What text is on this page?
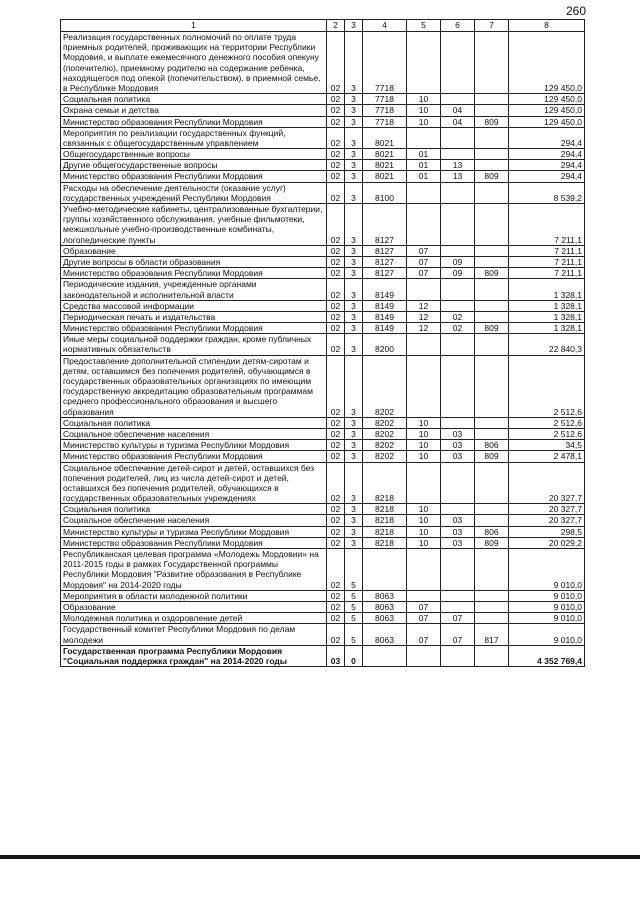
260
1	2	3	4	5	6	7	8
Реализация государственных полномочий по оплате труда приемных родителей, проживающих на территории Республики Мордовия, и выплате ежемесячного денежного пособия опекуну (попечителю), приемному родителю на содержание ребенка, находящегося под опекой (попечительством), в приемной семье, в Республике Мордовия	02	3	7718				129 450,0
Социальная политика	02	3	7718	10			129 450,0
Охрана семьи и детства	02	3	7718	10	04		129 450,0
Министерство образования Республики Мордовия	02	3	7718	10	04	809	129 450,0
Мероприятия по реализации государственных функций, связанных с общегосударственным управлением	02	3	8021				294,4
Общегосударственные вопросы	02	3	8021	01			294,4
Другие общегосударственные вопросы	02	3	8021	01	13		294,4
Министерство образования Республики Мордовия	02	3	8021	01	13	809	294,4
Расходы на обеспечение деятельности (оказание услуг) государственных учреждений Республики Мордовия	02	3	8100				8 539,2
Учебно-методические кабинеты, централизованные бухгалтерии, группы хозяйственного обслуживания, учебные фильмотеки, межшкольные учебно-производственные комбинаты, логопедические пункты	02	3	8127				7 211,1
Образование	02	3	8127	07			7 211,1
Другие вопросы в области образования	02	3	8127	07	09		7 211,1
Министерство образования Республики Мордовия	02	3	8127	07	09	809	7 211,1
Периодические издания, учрежденные органами законодательной и исполнительной власти	02	3	8149				1 328,1
Средства массовой информации	02	3	8149	12			1 328,1
Периодическая печать и издательства	02	3	8149	12	02		1 328,1
Министерство образования Республики Мордовия	02	3	8149	12	02	809	1 328,1
Иные меры социальной поддержки граждан, кроме публичных нормативных обязательств	02	3	8200				22 840,3
Предоставление дополнительной стипендии детям-сиротам и детям, оставшимся без попечения родителей, обучающимся в государственных образовательных организациях по имеющим государственную аккредитацию образовательным программам среднего профессионального образования и высшего образования	02	3	8202				2 512,6
Социальная политика	02	3	8202	10			2 512,6
Социальное обеспечение населения	02	3	8202	10	03		2 512,6
Министерство культуры и туризма Республики Мордовия	02	3	8202	10	03	806	34,5
Министерство образования Республики Мордовия	02	3	8202	10	03	809	2 478,1
Социальное обеспечение детей-сирот и детей, оставшихся без попечения родителей, лиц из числа детей-сирот и детей, оставшихся без попечения родителей, обучающихся в государственных образовательных учреждениях	02	3	8218				20 327,7
Социальная политика	02	3	8218	10			20 327,7
Социальное обеспечение населения	02	3	8218	10	03		20 327,7
Министерство культуры и туризма Республики Мордовия	02	3	8218	10	03	806	298,5
Министерство образования Республики Мордовия	02	3	8218	10	03	809	20 029,2
Республиканская целевая программа «Молодежь Мордовии» на 2011-2015 годы в рамках Государственной программы Республики Мордовия "Развитие образования в Республике Мордовия" на 2014-2020 годы	02	5					9 010,0
Мероприятия в области молодежной политики	02	5	8063				9 010,0
Образование	02	5	8063	07			9 010,0
Молодежная политика и оздоровление детей	02	5	8063	07	07		9 010,0
Государственный комитет Республики Мордовия по делам молодежи	02	5	8063	07	07	817	9 010,0
Государственная программа Республики Мордовия "Социальная поддержка граждан" на 2014-2020 годы	03	0					4 352 769,4
